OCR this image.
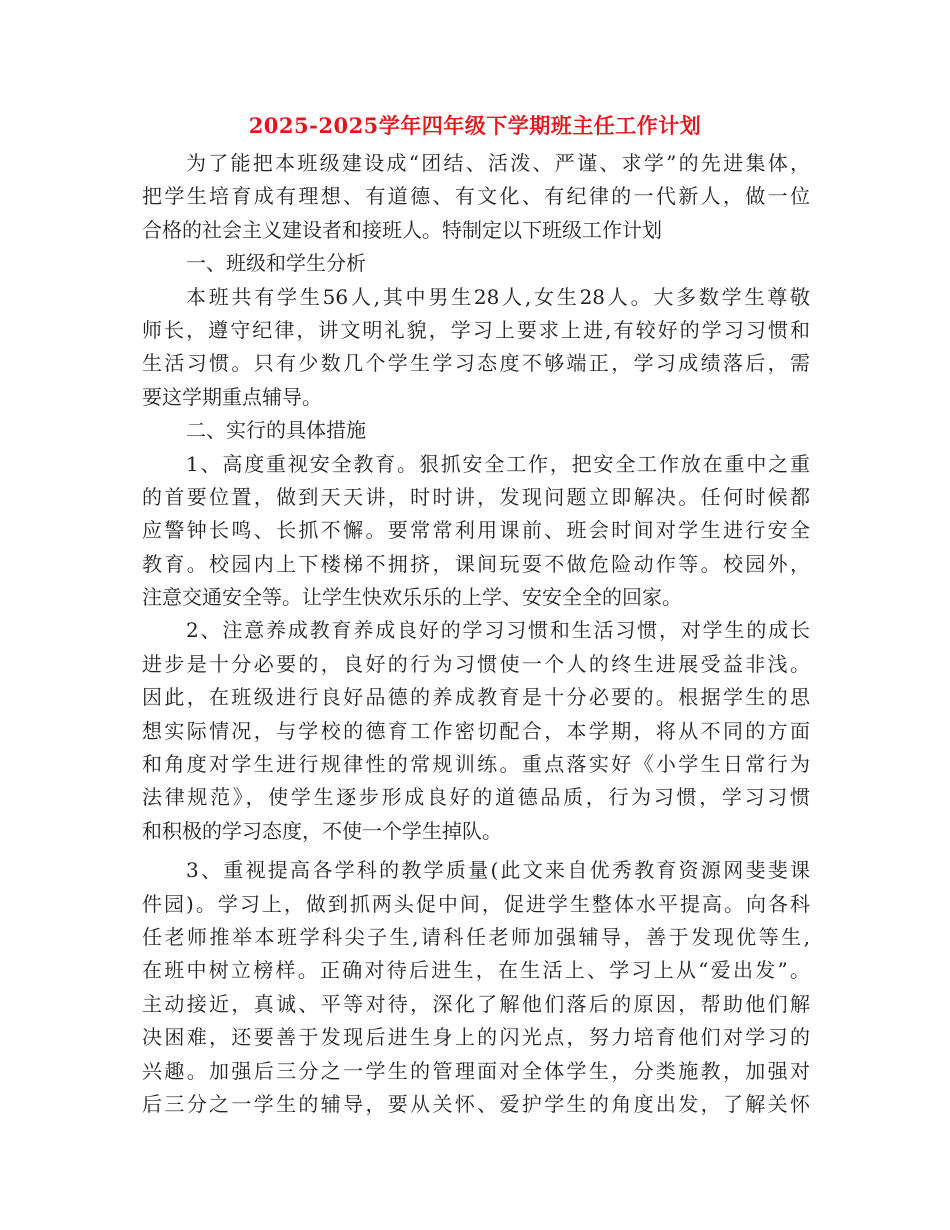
2025-2025学年四年级下学期班主任工作计划
为了能把本班级建设成“团结、活泼、严谨、求学”的先进集体，
把学生培育成有理想、有道德、有文化、有纪律的一代新人，做一位
合格的社会主义建设者和接班人。特制定以下班级工作计划
一、班级和学生分析
本班共有学生56人,其中男生28人,女生28人。大多数学生尊敬
师长，遵守纪律，讲文明礼貌，学习上要求上进,有较好的学习习惯和
生活习惯。只有少数几个学生学习态度不够端正，学习成绩落后，需
要这学期重点辅导。
二、实行的具体措施
1、高度重视安全教育。狠抓安全工作，把安全工作放在重中之重
的首要位置，做到天天讲，时时讲，发现问题立即解决。任何时候都
应警钟长鸣、长抓不懈。要常常利用课前、班会时间对学生进行安全
教育。校园内上下楼梯不拥挤，课间玩耍不做危险动作等。校园外，
注意交通安全等。让学生快欢乐乐的上学、安安全全的回家。
2、注意养成教育养成良好的学习习惯和生活习惯，对学生的成长
进步是十分必要的，良好的行为习惯使一个人的终生进展受益非浅。
因此，在班级进行良好品德的养成教育是十分必要的。根据学生的思
想实际情况，与学校的德育工作密切配合，本学期，将从不同的方面
和角度对学生进行规律性的常规训练。重点落实好《小学生日常行为
法律规范》，使学生逐步形成良好的道德品质，行为习惯，学习习惯
和积极的学习态度，不使一个学生掉队。
3、重视提高各学科的教学质量(此文来自优秀教育资源网斐斐课
件园)。学习上，做到抓两头促中间，促进学生整体水平提高。向各科
任老师推举本班学科尖子生,请科任老师加强辅导，善于发现优等生,
在班中树立榜样。正确对待后进生，在生活上、学习上从“爱出发”。
主动接近，真诚、平等对待，深化了解他们落后的原因，帮助他们解
决困难，还要善于发现后进生身上的闪光点，努力培育他们对学习的
兴趣。加强后三分之一学生的管理面对全体学生，分类施教，加强对
后三分之一学生的辅导，要从关怀、爱护学生的角度出发，了解关怀
